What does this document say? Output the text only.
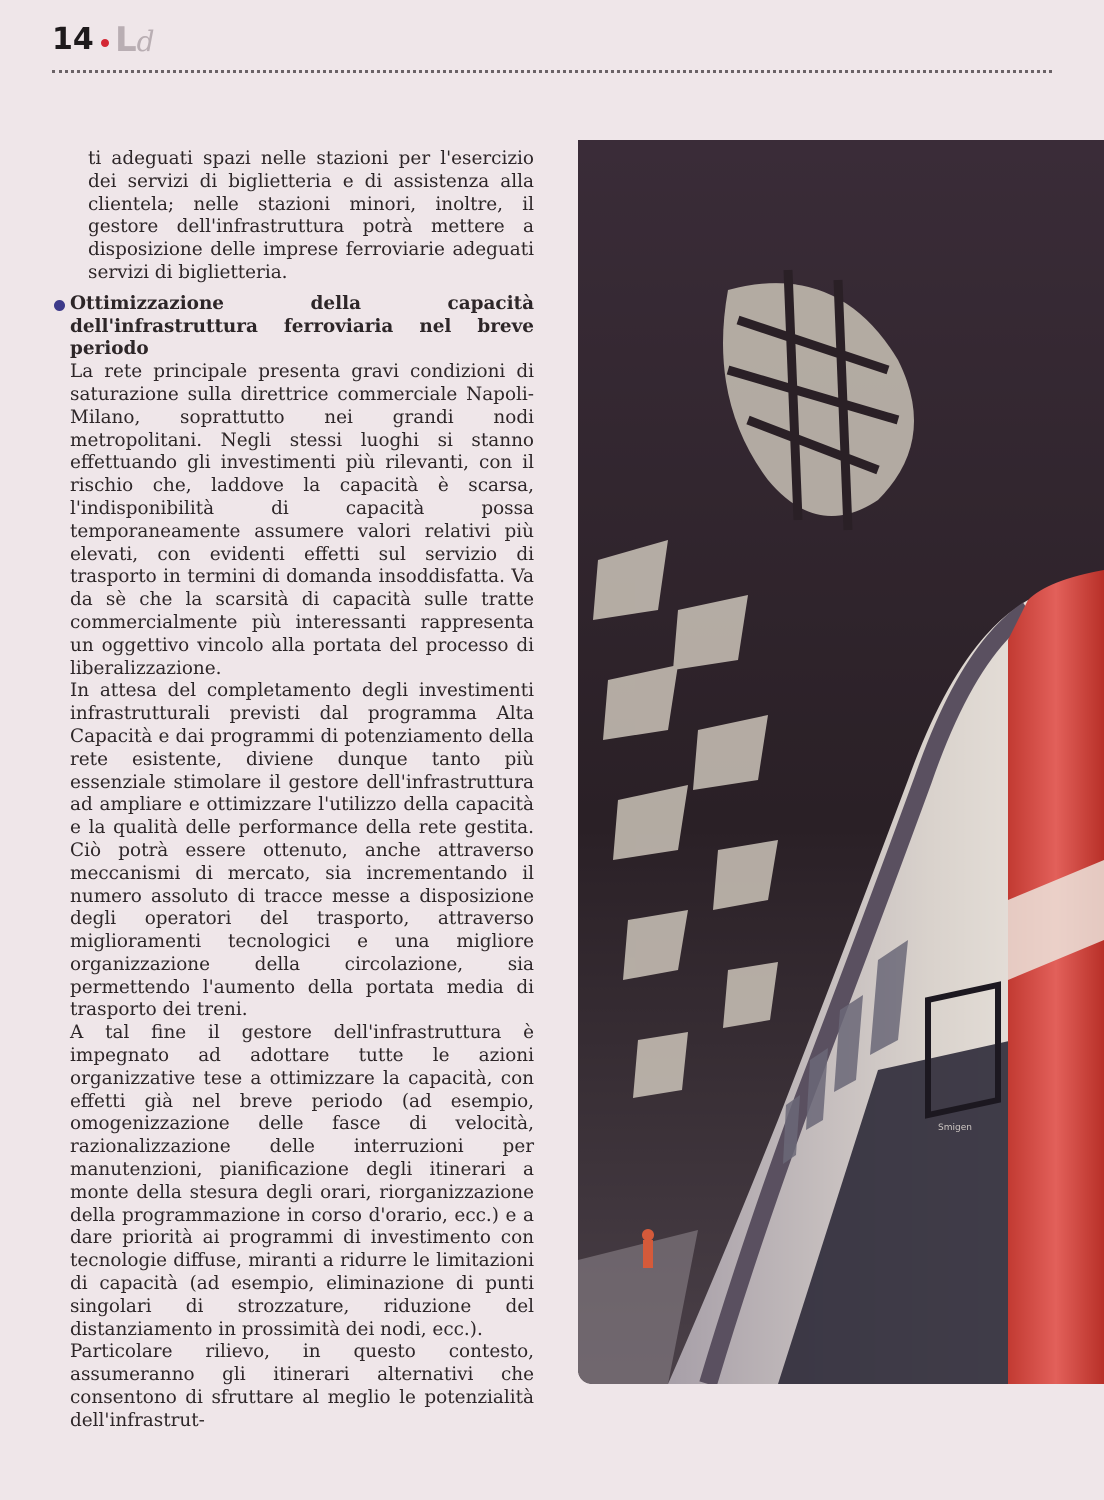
14 Ld

ti adeguati spazi nelle stazioni per l'esercizio dei servizi di biglietteria e di assistenza alla clientela; nelle stazioni minori, inoltre, il gestore dell'infrastruttura potrà mettere a disposizione delle imprese ferroviarie adeguati servizi di biglietteria.

Ottimizzazione della capacità dell'infrastruttura ferroviaria nel breve periodo

La rete principale presenta gravi condizioni di saturazione sulla direttrice commerciale Napoli-Milano, soprattutto nei grandi nodi metropolitani. Negli stessi luoghi si stanno effettuando gli investimenti più rilevanti, con il rischio che, laddove la capacità è scarsa, l'indisponibilità di capacità possa temporaneamente assumere valori relativi più elevati, con evidenti effetti sul servizio di trasporto in termini di domanda insoddisfatta. Va da sè che la scarsità di capacità sulle tratte commercialmente più interessanti rappresenta un oggettivo vincolo alla portata del processo di liberalizzazione.

In attesa del completamento degli investimenti infrastrutturali previsti dal programma Alta Capacità e dai programmi di potenziamento della rete esistente, diviene dunque tanto più essenziale stimolare il gestore dell'infrastruttura ad ampliare e ottimizzare l'utilizzo della capacità e la qualità delle performance della rete gestita. Ciò potrà essere ottenuto, anche attraverso meccanismi di mercato, sia incrementando il numero assoluto di tracce messe a disposizione degli operatori del trasporto, attraverso miglioramenti tecnologici e una migliore organizzazione della circolazione, sia permettendo l'aumento della portata media di trasporto dei treni.

A tal fine il gestore dell'infrastruttura è impegnato ad adottare tutte le azioni organizzative tese a ottimizzare la capacità, con effetti già nel breve periodo (ad esempio, omogenizzazione delle fasce di velocità, razionalizzazione delle interruzioni per manutenzioni, pianificazione degli itinerari a monte della stesura degli orari, riorganizzazione della programmazione in corso d'orario, ecc.) e a dare priorità ai programmi di investimento con tecnologie diffuse, miranti a ridurre le limitazioni di capacità (ad esempio, eliminazione di punti singolari di strozzature, riduzione del distanziamento in prossimità dei nodi, ecc.).

Particolare rilievo, in questo contesto, assumeranno gli itinerari alternativi che consentono di sfruttare al meglio le potenzialità dell'infrastrut-

Smigen
